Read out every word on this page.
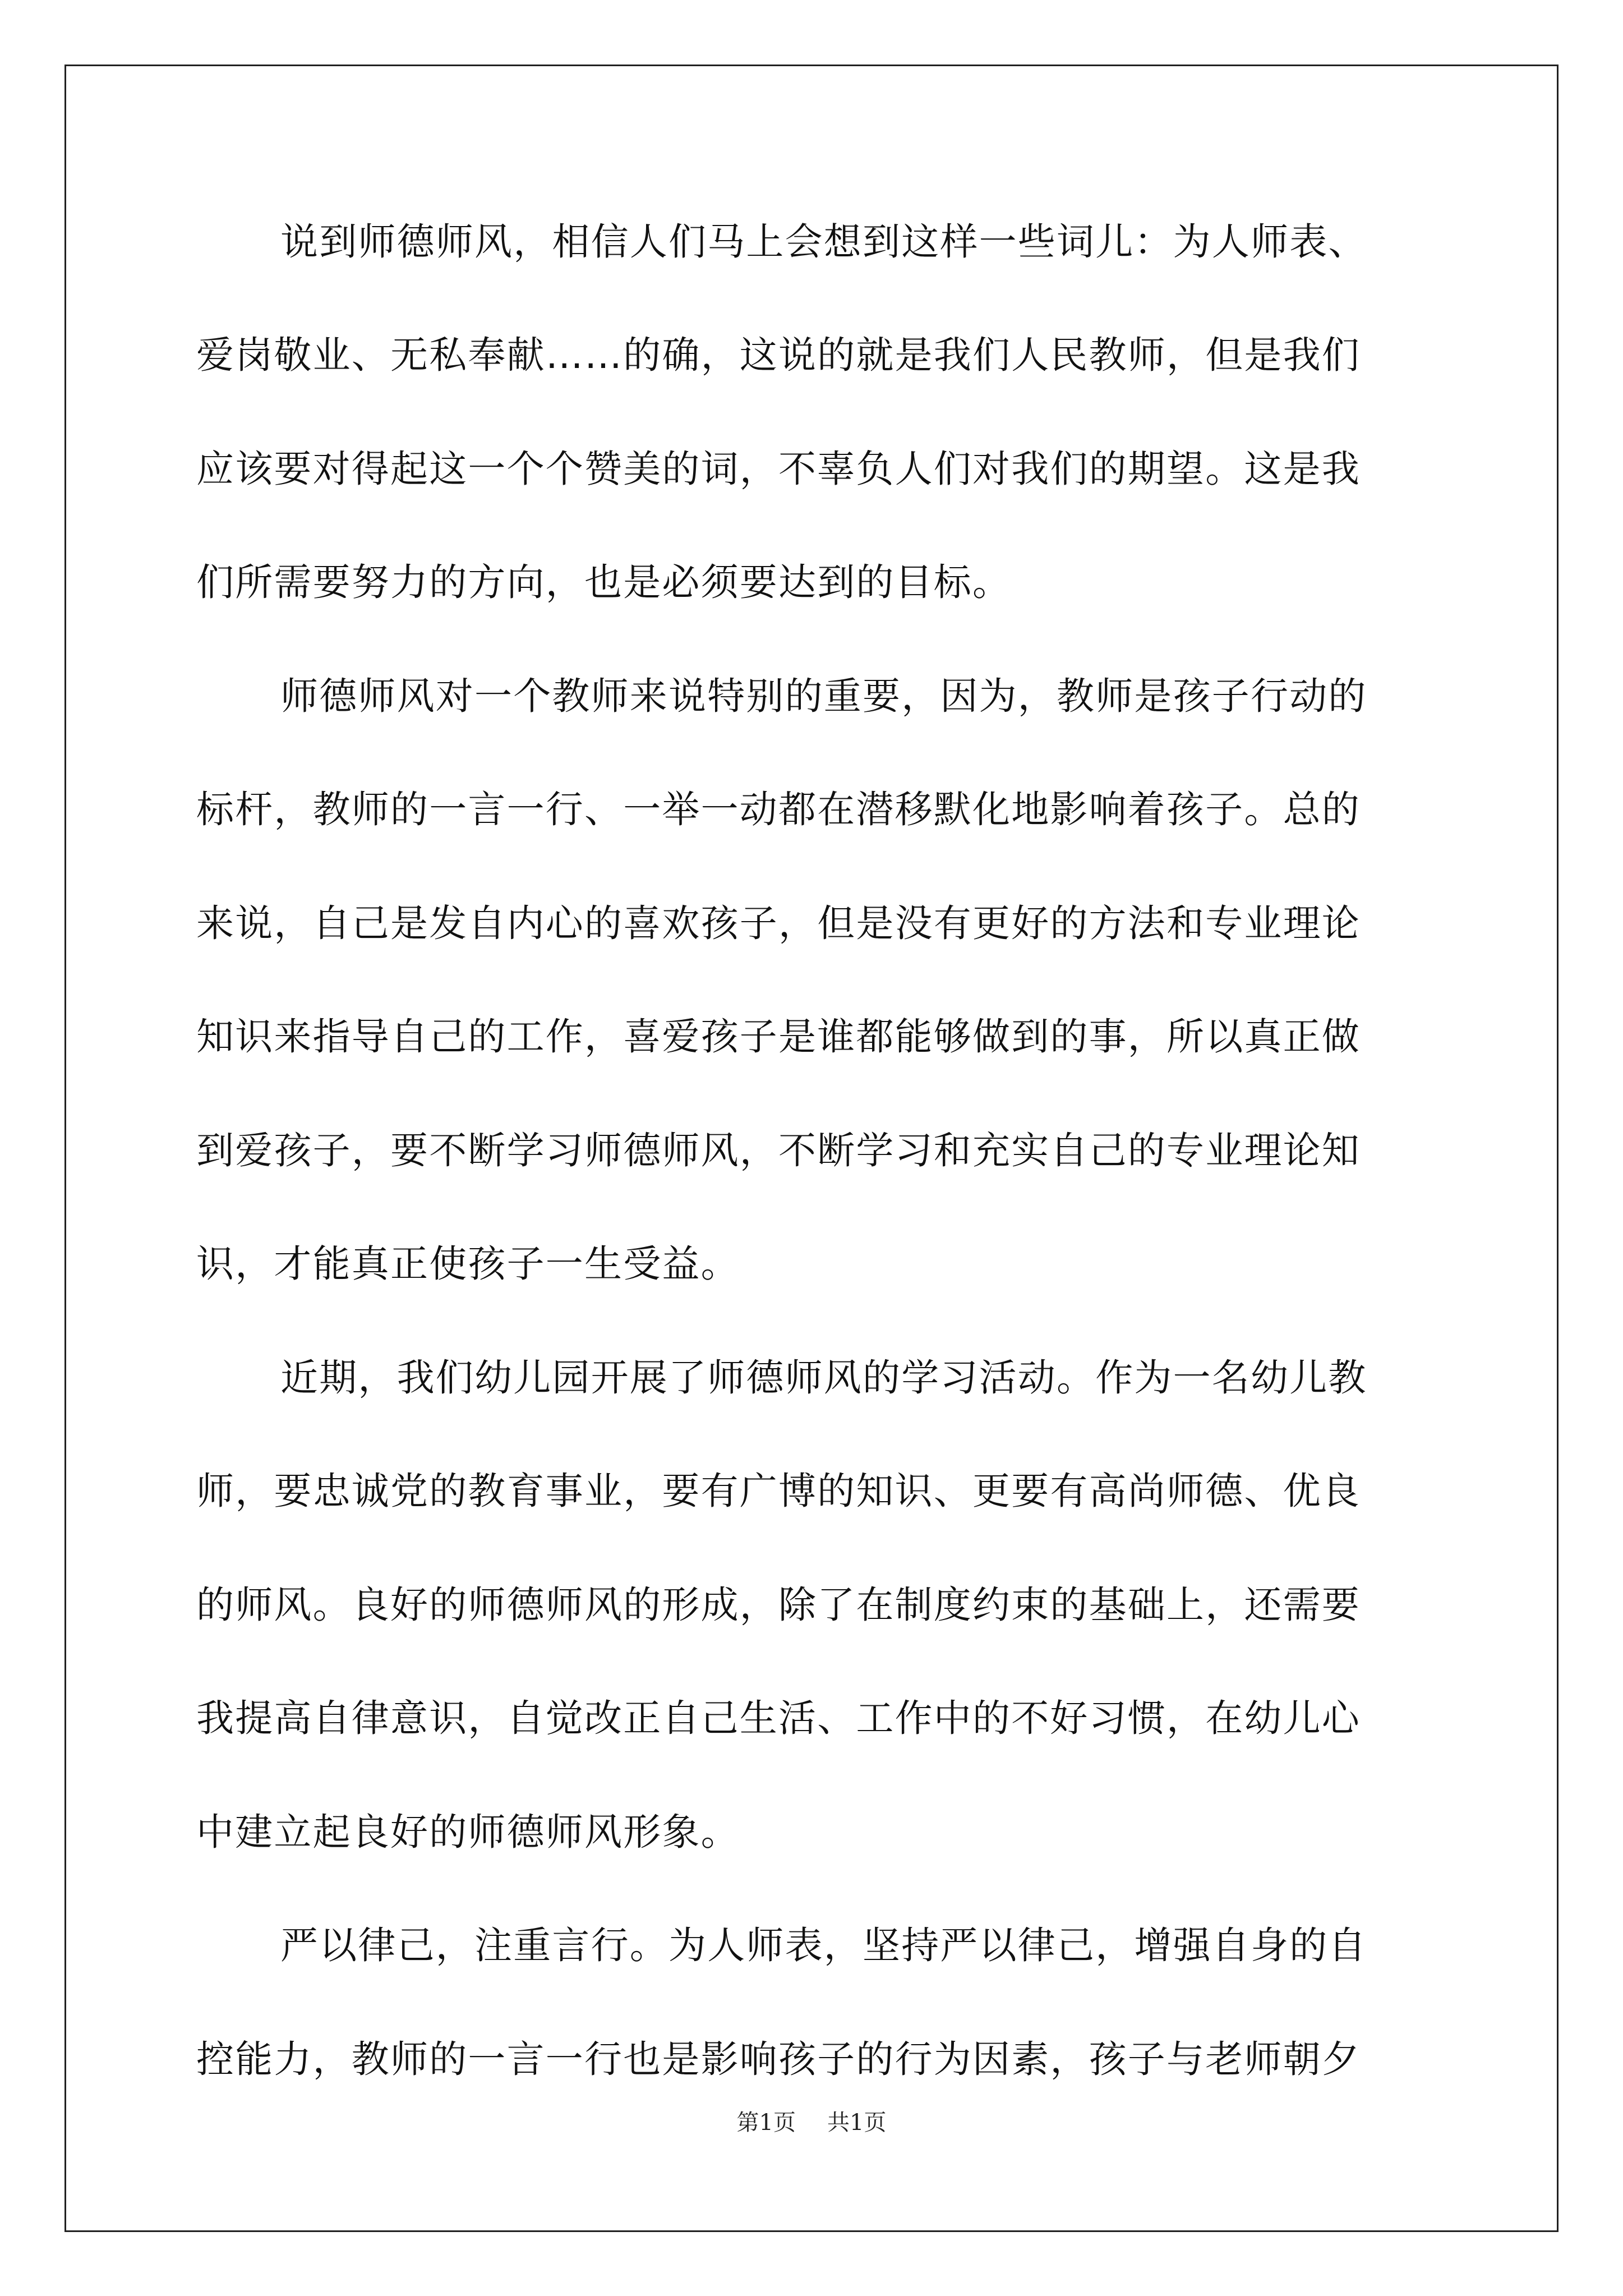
说到师德师风，相信人们马上会想到这样一些词儿：为人师表、

爱岗敬业、无私奉献……的确，这说的就是我们人民教师，但是我们

应该要对得起这一个个赞美的词，不辜负人们对我们的期望。这是我

们所需要努力的方向，也是必须要达到的目标。

师德师风对一个教师来说特别的重要，因为，教师是孩子行动的

标杆，教师的一言一行、一举一动都在潜移默化地影响着孩子。总的

来说，自己是发自内心的喜欢孩子，但是没有更好的方法和专业理论

知识来指导自己的工作，喜爱孩子是谁都能够做到的事，所以真正做

到爱孩子，要不断学习师德师风，不断学习和充实自己的专业理论知

识，才能真正使孩子一生受益。

近期，我们幼儿园开展了师德师风的学习活动。作为一名幼儿教

师，要忠诚党的教育事业，要有广博的知识、更要有高尚师德、优良

的师风。良好的师德师风的形成，除了在制度约束的基础上，还需要

我提高自律意识，自觉改正自己生活、工作中的不好习惯，在幼儿心

中建立起良好的师德师风形象。

严以律己，注重言行。为人师表，坚持严以律己，增强自身的自

控能力，教师的一言一行也是影响孩子的行为因素，孩子与老师朝夕

第1页 共1页
